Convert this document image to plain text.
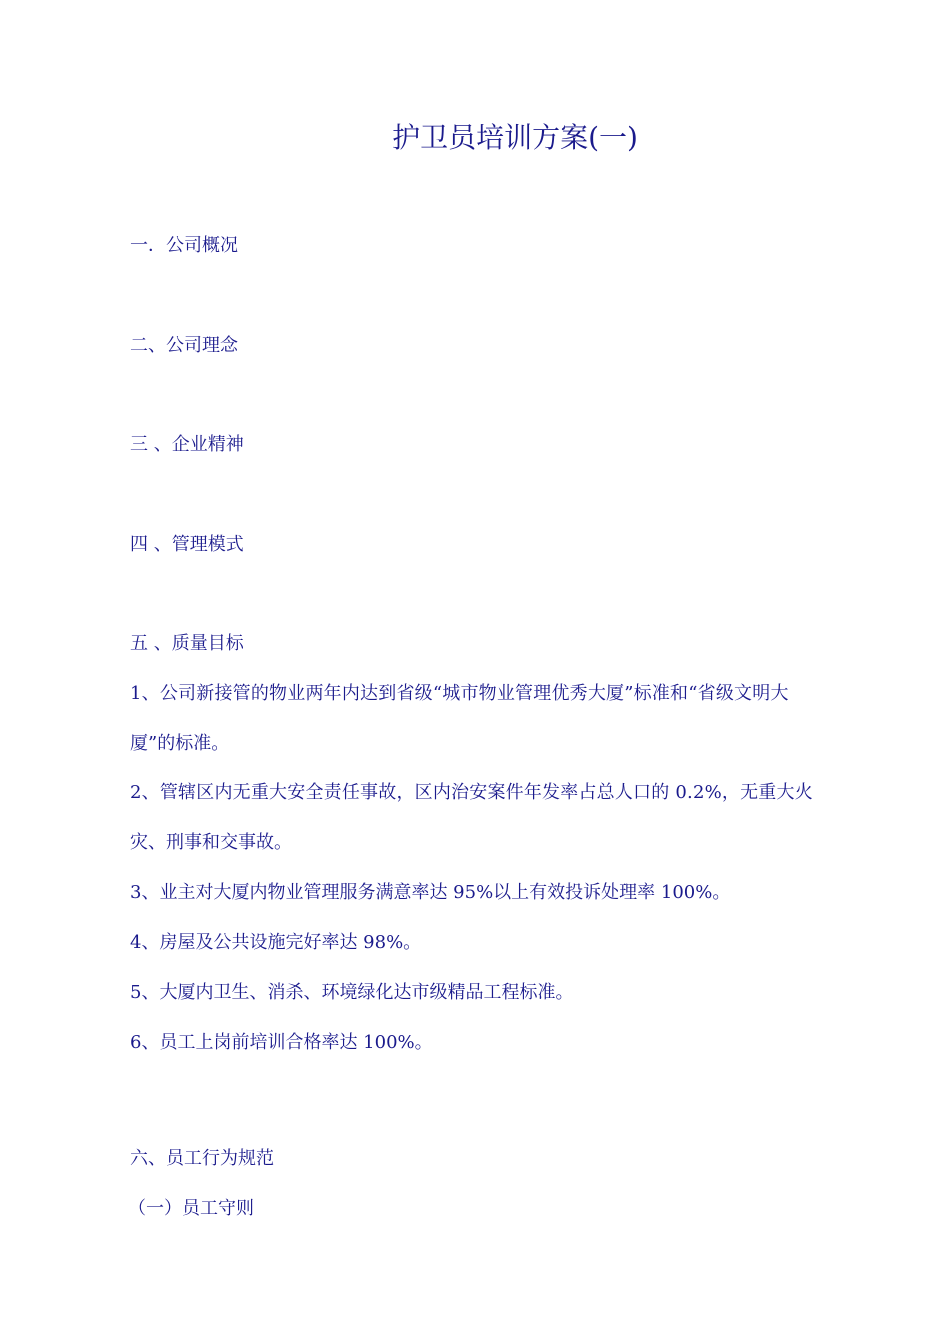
护卫员培训方案(一)
一．公司概况
二、公司理念
三 、企业精神
四 、管理模式
五 、质量目标
1、公司新接管的物业两年内达到省级“城市物业管理优秀大厦”标准和“省级文明大
厦”的标准。
2、管辖区内无重大安全责任事故，区内治安案件年发率占总人口的 0.2%，无重大火
灾、刑事和交事故。
3、业主对大厦内物业管理服务满意率达 95%以上有效投诉处理率 100%。
4、房屋及公共设施完好率达 98%。
5、大厦内卫生、消杀、环境绿化达市级精品工程标准。
6、员工上岗前培训合格率达 100%。
六、员工行为规范
（一）员工守则
